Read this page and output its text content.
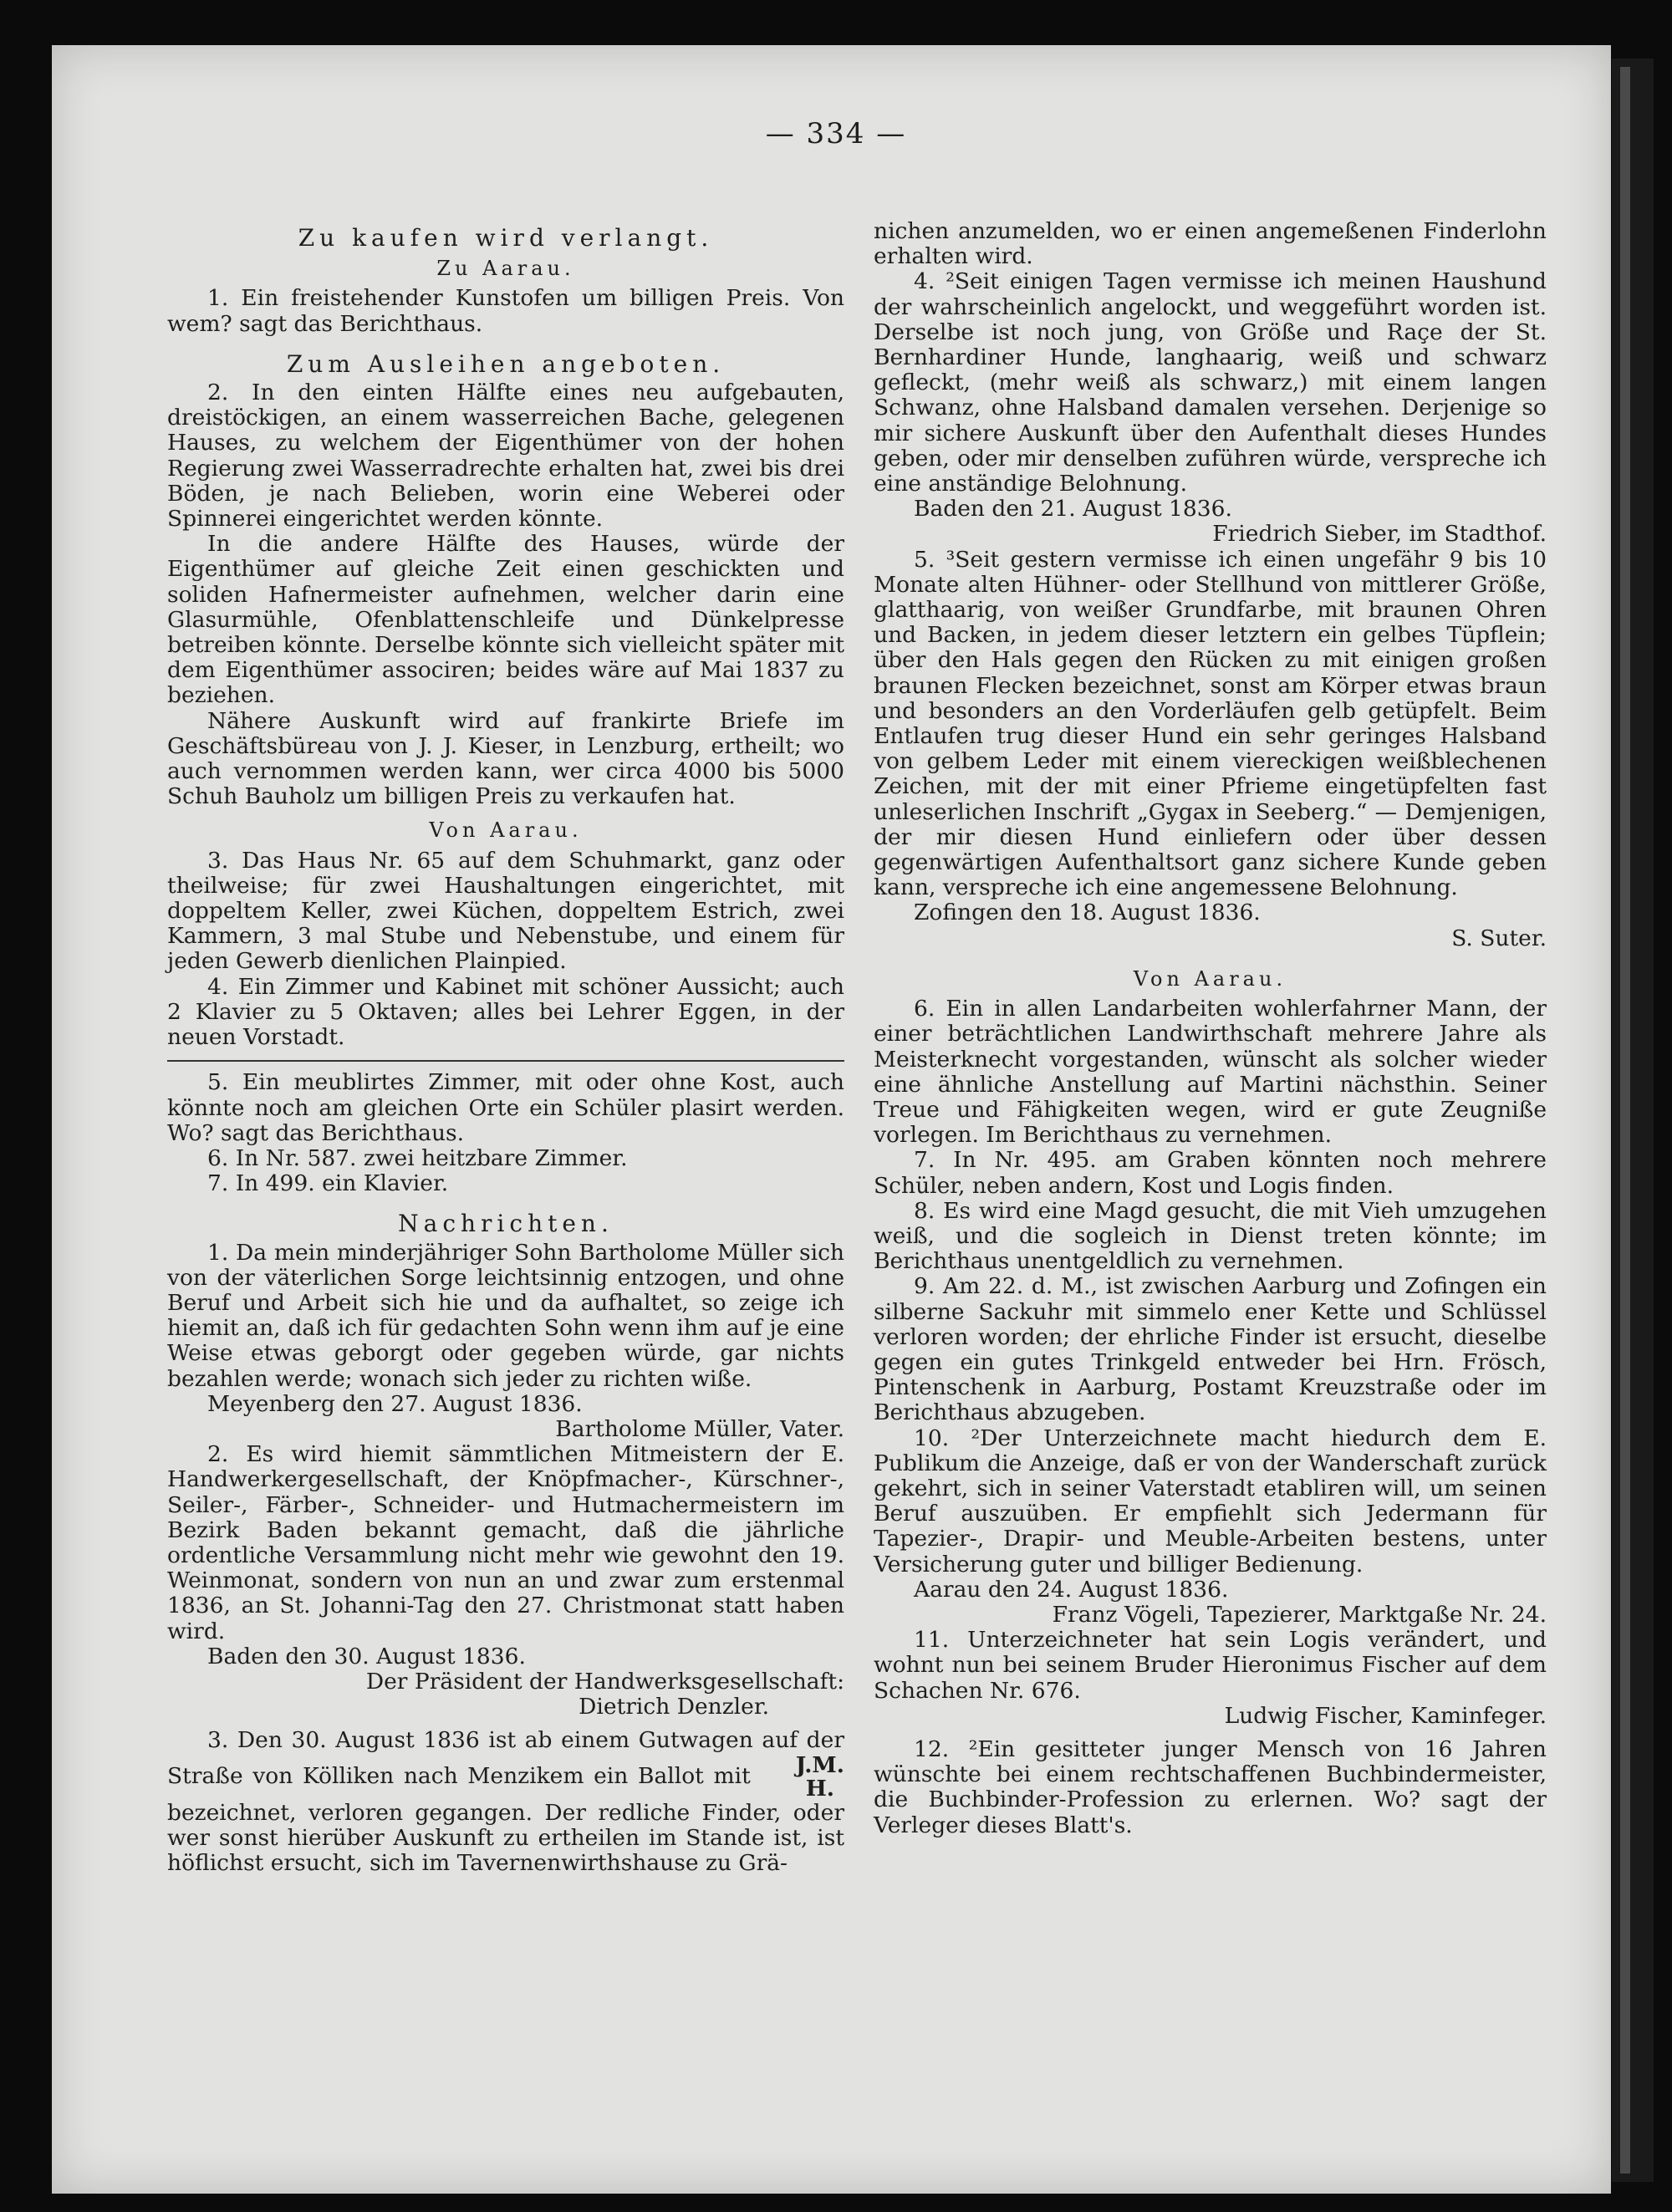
— 334 —
Zu kaufen wird verlangt.
Zu Aarau.

1. Ein freistehender Kunstofen um billigen Preis. Von wem? sagt das Berichthaus.

Zum Ausleihen angeboten.

2. In den einten Hälfte eines neu aufgebauten, dreistöckigen, an einem wasserreichen Bache, gelegenen Hauses, zu welchem der Eigenthümer von der hohen Regierung zwei Wasserradrechte erhalten hat, zwei bis drei Böden, je nach Belieben, worin eine Weberei oder Spinnerei eingerichtet werden könnte.

In die andere Hälfte des Hauses, würde der Eigenthümer auf gleiche Zeit einen geschickten und soliden Hafnermeister aufnehmen, welcher darin eine Glasurmühle, Ofenblattenschleife und Dünkelpresse betreiben könnte. Derselbe könnte sich vielleicht später mit dem Eigenthümer associren; beides wäre auf Mai 1837 zu beziehen.

Nähere Auskunft wird auf frankirte Briefe im Geschäftsbüreau von J. J. Kieser, in Lenzburg, ertheilt; wo auch vernommen werden kann, wer circa 4000 bis 5000 Schuh Bauholz um billigen Preis zu verkaufen hat.

Von Aarau.

3. Das Haus Nr. 65 auf dem Schuhmarkt, ganz oder theilweise; für zwei Haushaltungen eingerichtet, mit doppeltem Keller, zwei Küchen, doppeltem Estrich, zwei Kammern, 3 mal Stube und Nebenstube, und einem für jeden Gewerb dienlichen Plainpied.

4. Ein Zimmer und Kabinet mit schöner Aussicht; auch 2 Klavier zu 5 Oktaven; alles bei Lehrer Eggen, in der neuen Vorstadt.

5. Ein meublirtes Zimmer, mit oder ohne Kost, auch könnte noch am gleichen Orte ein Schüler plasirt werden. Wo? sagt das Berichthaus.

6. In Nr. 587. zwei heitzbare Zimmer.

7. In 499. ein Klavier.

Nachrichten.

1. Da mein minderjähriger Sohn Bartholome Müller sich von der väterlichen Sorge leichtsinnig entzogen, und ohne Beruf und Arbeit sich hie und da aufhaltet, so zeige ich hiemit an, daß ich für gedachten Sohn wenn ihm auf je eine Weise etwas geborgt oder gegeben würde, gar nichts bezahlen werde; wonach sich jeder zu richten wiße.

Meyenberg den 27. August 1836.

Bartholome Müller, Vater.

2. Es wird hiemit sämmtlichen Mitmeistern der E. Handwerkergesellschaft, der Knöpfmacher-, Kürschner-, Seiler-, Färber-, Schneider- und Hutmachermeistern im Bezirk Baden bekannt gemacht, daß die jährliche ordentliche Versammlung nicht mehr wie gewohnt den 19. Weinmonat, sondern von nun an und zwar zum erstenmal 1836, an St. Johanni-Tag den 27. Christmonat statt haben wird.

Baden den 30. August 1836.

Der Präsident der Handwerksgesellschaft:

Dietrich Denzler.

3. Den 30. August 1836 ist ab einem Gutwagen auf der Straße von Kölliken nach Menzikem ein Ballot mit	J.M.
H.
bezeichnet, verloren gegangen. Der redliche Finder, oder wer sonst hierüber Auskunft zu ertheilen im Stande ist, ist höflichst ersucht, sich im Tavernenwirthshause zu Grä-

nichen anzumelden, wo er einen angemeßenen Finderlohn erhalten wird.

4. ²Seit einigen Tagen vermisse ich meinen Haushund der wahrscheinlich angelockt, und weggeführt worden ist. Derselbe ist noch jung, von Größe und Raçe der St. Bernhardiner Hunde, langhaarig, weiß und schwarz gefleckt, (mehr weiß als schwarz,) mit einem langen Schwanz, ohne Halsband damalen versehen. Derjenige so mir sichere Auskunft über den Aufenthalt dieses Hundes geben, oder mir denselben zuführen würde, verspreche ich eine anständige Belohnung.

Baden den 21. August 1836.

Friedrich Sieber, im Stadthof.

5. ³Seit gestern vermisse ich einen ungefähr 9 bis 10 Monate alten Hühner- oder Stellhund von mittlerer Größe, glatthaarig, von weißer Grundfarbe, mit braunen Ohren und Backen, in jedem dieser letztern ein gelbes Tüpflein; über den Hals gegen den Rücken zu mit einigen großen braunen Flecken bezeichnet, sonst am Körper etwas braun und besonders an den Vorderläufen gelb getüpfelt. Beim Entlaufen trug dieser Hund ein sehr geringes Halsband von gelbem Leder mit einem viereckigen weißblechenen Zeichen, mit der mit einer Pfrieme eingetüpfelten fast unleserlichen Inschrift „Gygax in Seeberg.“ — Demjenigen, der mir diesen Hund einliefern oder über dessen gegenwärtigen Aufenthaltsort ganz sichere Kunde geben kann, verspreche ich eine angemessene Belohnung.

Zofingen den 18. August 1836.

S. Suter.

Von Aarau.

6. Ein in allen Landarbeiten wohlerfahrner Mann, der einer beträchtlichen Landwirthschaft mehrere Jahre als Meisterknecht vorgestanden, wünscht als solcher wieder eine ähnliche Anstellung auf Martini nächsthin. Seiner Treue und Fähigkeiten wegen, wird er gute Zeugniße vorlegen. Im Berichthaus zu vernehmen.

7. In Nr. 495. am Graben könnten noch mehrere Schüler, neben andern, Kost und Logis finden.

8. Es wird eine Magd gesucht, die mit Vieh umzugehen weiß, und die sogleich in Dienst treten könnte; im Berichthaus unentgeldlich zu vernehmen.

9. Am 22. d. M., ist zwischen Aarburg und Zofingen ein silberne Sackuhr mit simmelo ener Kette und Schlüssel verloren worden; der ehrliche Finder ist ersucht, dieselbe gegen ein gutes Trinkgeld entweder bei Hrn. Frösch, Pintenschenk in Aarburg, Postamt Kreuzstraße oder im Berichthaus abzugeben.

10. ²Der Unterzeichnete macht hiedurch dem E. Publikum die Anzeige, daß er von der Wanderschaft zurück gekehrt, sich in seiner Vaterstadt etabliren will, um seinen Beruf auszuüben. Er empfiehlt sich Jedermann für Tapezier-, Drapir- und Meuble-Arbeiten bestens, unter Versicherung guter und billiger Bedienung.

Aarau den 24. August 1836.

Franz Vögeli, Tapezierer, Marktgaße Nr. 24.

11. Unterzeichneter hat sein Logis verändert, und wohnt nun bei seinem Bruder Hieronimus Fischer auf dem Schachen Nr. 676.

Ludwig Fischer, Kaminfeger.

12. ²Ein gesitteter junger Mensch von 16 Jahren wünschte bei einem rechtschaffenen Buchbindermeister, die Buchbinder-Profession zu erlernen. Wo? sagt der Verleger dieses Blatt's.
